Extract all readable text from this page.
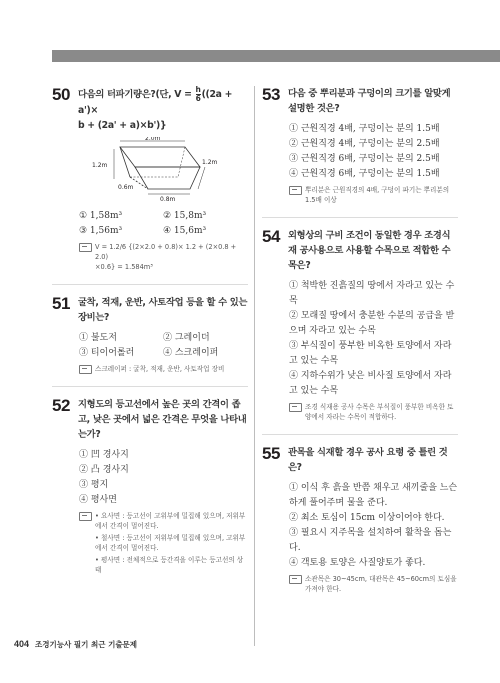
50 다음의 터파기량은?(단, $V = \frac{h}{6} ((2a + a')\times$
b + (2a' + a)×b')}
2.0m
1.2m
1.2m
0.6m
0.8m
① 1,58m³	② 15,8m³
③ 1,56m³	④ 15,6m³
V = 1.2/6 {(2×2.0 + 0.8)× 1.2 + (2×0.8 + 2.0)
×0.6} = 1.584m³
51 굴착, 적재, 운반, 사토작업 등을 할 수 있는 장비는?
① 불도저	② 그레이더
③ 티이어롤러	④ 스크레이퍼
스크레이퍼 : 굴착, 적재, 운반, 사토작업 장비
52 지형도의 등고선에서 높은 곳의 간격이 좁고, 낮은 곳에서 넓은 간격은 무엇을 나타내는가?
① 凹 경사지
② 凸 경사지
③ 평지
④ 평사면
• 요사면 : 등고선이 고위부에 밀집해 있으며, 저위부에서 간격이 멀어진다.
• 철사면 : 등고선이 저위부에 밀집해 있으며, 고위부에서 간격이 멀어진다.
• 평사면 : 전체적으로 등간격을 이루는 등고선의 상태
53 다음 중 뿌리분과 구덩이의 크기를 알맞게 설명한 것은?
① 근원직경 4배, 구덩이는 분의 1.5배
② 근원직경 4배, 구덩이는 분의 2.5배
③ 근원직경 6배, 구덩이는 분의 2.5배
④ 근원직경 6배, 구덩이는 분의 1.5배
뿌리분은 근원직경의 4배, 구덩이 파기는 뿌리분의 1.5배 이상
54 외형상의 구비 조건이 동일한 경우 조경식재 공사용으로 사용할 수목으로 적합한 수목은?
① 척박한 진흙질의 땅에서 자라고 있는 수목
② 모래질 땅에서 충분한 수분의 공급을 받으며 자라고 있는 수목
③ 부식질이 풍부한 비옥한 토양에서 자라고 있는 수목
④ 지하수위가 낮은 비사질 토양에서 자라고 있는 수목
조경 식재용 공사 수목은 부식질이 풍부한 비옥한 토양에서 자라는 수목이 적합하다.
55 관목을 식재할 경우 공사 요령 중 틀린 것은?
① 이식 후 흙을 반쯤 채우고 새끼줄을 느슨하게 풀어주며 물을 준다.
② 최소 토심이 15cm 이상이어야 한다.
③ 필요시 지주목을 설치하여 활착을 돕는다.
④ 객토용 토양은 사질양토가 좋다.
소관목은 30~45cm, 대관목은 45~60cm의 토심을 가져야 한다.
404 조경기능사 필기 최근 기출문제
